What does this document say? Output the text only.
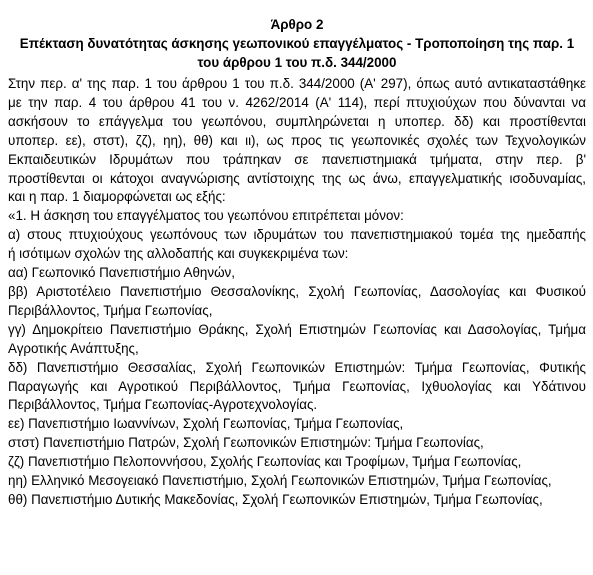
Άρθρο 2
Επέκταση δυνατότητας άσκησης γεωπονικού επαγγέλματος - Τροποποίηση της παρ. 1
του άρθρου 1 του π.δ. 344/2000
Στην περ. α' της παρ. 1 του άρθρου 1 του π.δ. 344/2000 (Α' 297), όπως αυτό αντικαταστάθηκε
με την παρ. 4 του άρθρου 41 του ν. 4262/2014 (Α' 114), περί πτυχιούχων που δύνανται να
ασκήσουν το επάγγελμα του γεωπόνου, συμπληρώνεται η υποπερ. δδ) και προστίθενται
υποπερ. εε), στστ), ζζ), ηη), θθ) και ιι), ως προς τις γεωπονικές σχολές των Τεχνολογικών
Εκπαιδευτικών Ιδρυμάτων που τράπηκαν σε πανεπιστημιακά τμήματα, στην περ. β'
προστίθενται οι κάτοχοι αναγνώρισης αντίστοιχης της ως άνω, επαγγελματικής ισοδυναμίας,
και η παρ. 1 διαμορφώνεται ως εξής:
«1. Η άσκηση του επαγγέλματος του γεωπόνου επιτρέπεται μόνον:
α) στους πτυχιούχους γεωπόνους των ιδρυμάτων του πανεπιστημιακού τομέα της ημεδαπής
ή ισότιμων σχολών της αλλοδαπής και συγκεκριμένα των:
αα) Γεωπονικό Πανεπιστήμιο Αθηνών,
ββ) Αριστοτέλειο Πανεπιστήμιο Θεσσαλονίκης, Σχολή Γεωπονίας, Δασολογίας και Φυσικού
Περιβάλλοντος, Τμήμα Γεωπονίας,
γγ) Δημοκρίτειο Πανεπιστήμιο Θράκης, Σχολή Επιστημών Γεωπονίας και Δασολογίας, Τμήμα
Αγροτικής Ανάπτυξης,
δδ) Πανεπιστήμιο Θεσσαλίας, Σχολή Γεωπονικών Επιστημών: Τμήμα Γεωπονίας, Φυτικής
Παραγωγής και Αγροτικού Περιβάλλοντος, Τμήμα Γεωπονίας, Ιχθυολογίας και Υδάτινου
Περιβάλλοντος, Τμήμα Γεωπονίας-Αγροτεχνολογίας.
εε) Πανεπιστήμιο Ιωαννίνων, Σχολή Γεωπονίας, Τμήμα Γεωπονίας,
στστ) Πανεπιστήμιο Πατρών, Σχολή Γεωπονικών Επιστημών: Τμήμα Γεωπονίας,
ζζ) Πανεπιστήμιο Πελοποννήσου, Σχολής Γεωπονίας και Τροφίμων, Τμήμα Γεωπονίας,
ηη) Ελληνικό Μεσογειακό Πανεπιστήμιο, Σχολή Γεωπονικών Επιστημών, Τμήμα Γεωπονίας,
θθ) Πανεπιστήμιο Δυτικής Μακεδονίας, Σχολή Γεωπονικών Επιστημών, Τμήμα Γεωπονίας,
